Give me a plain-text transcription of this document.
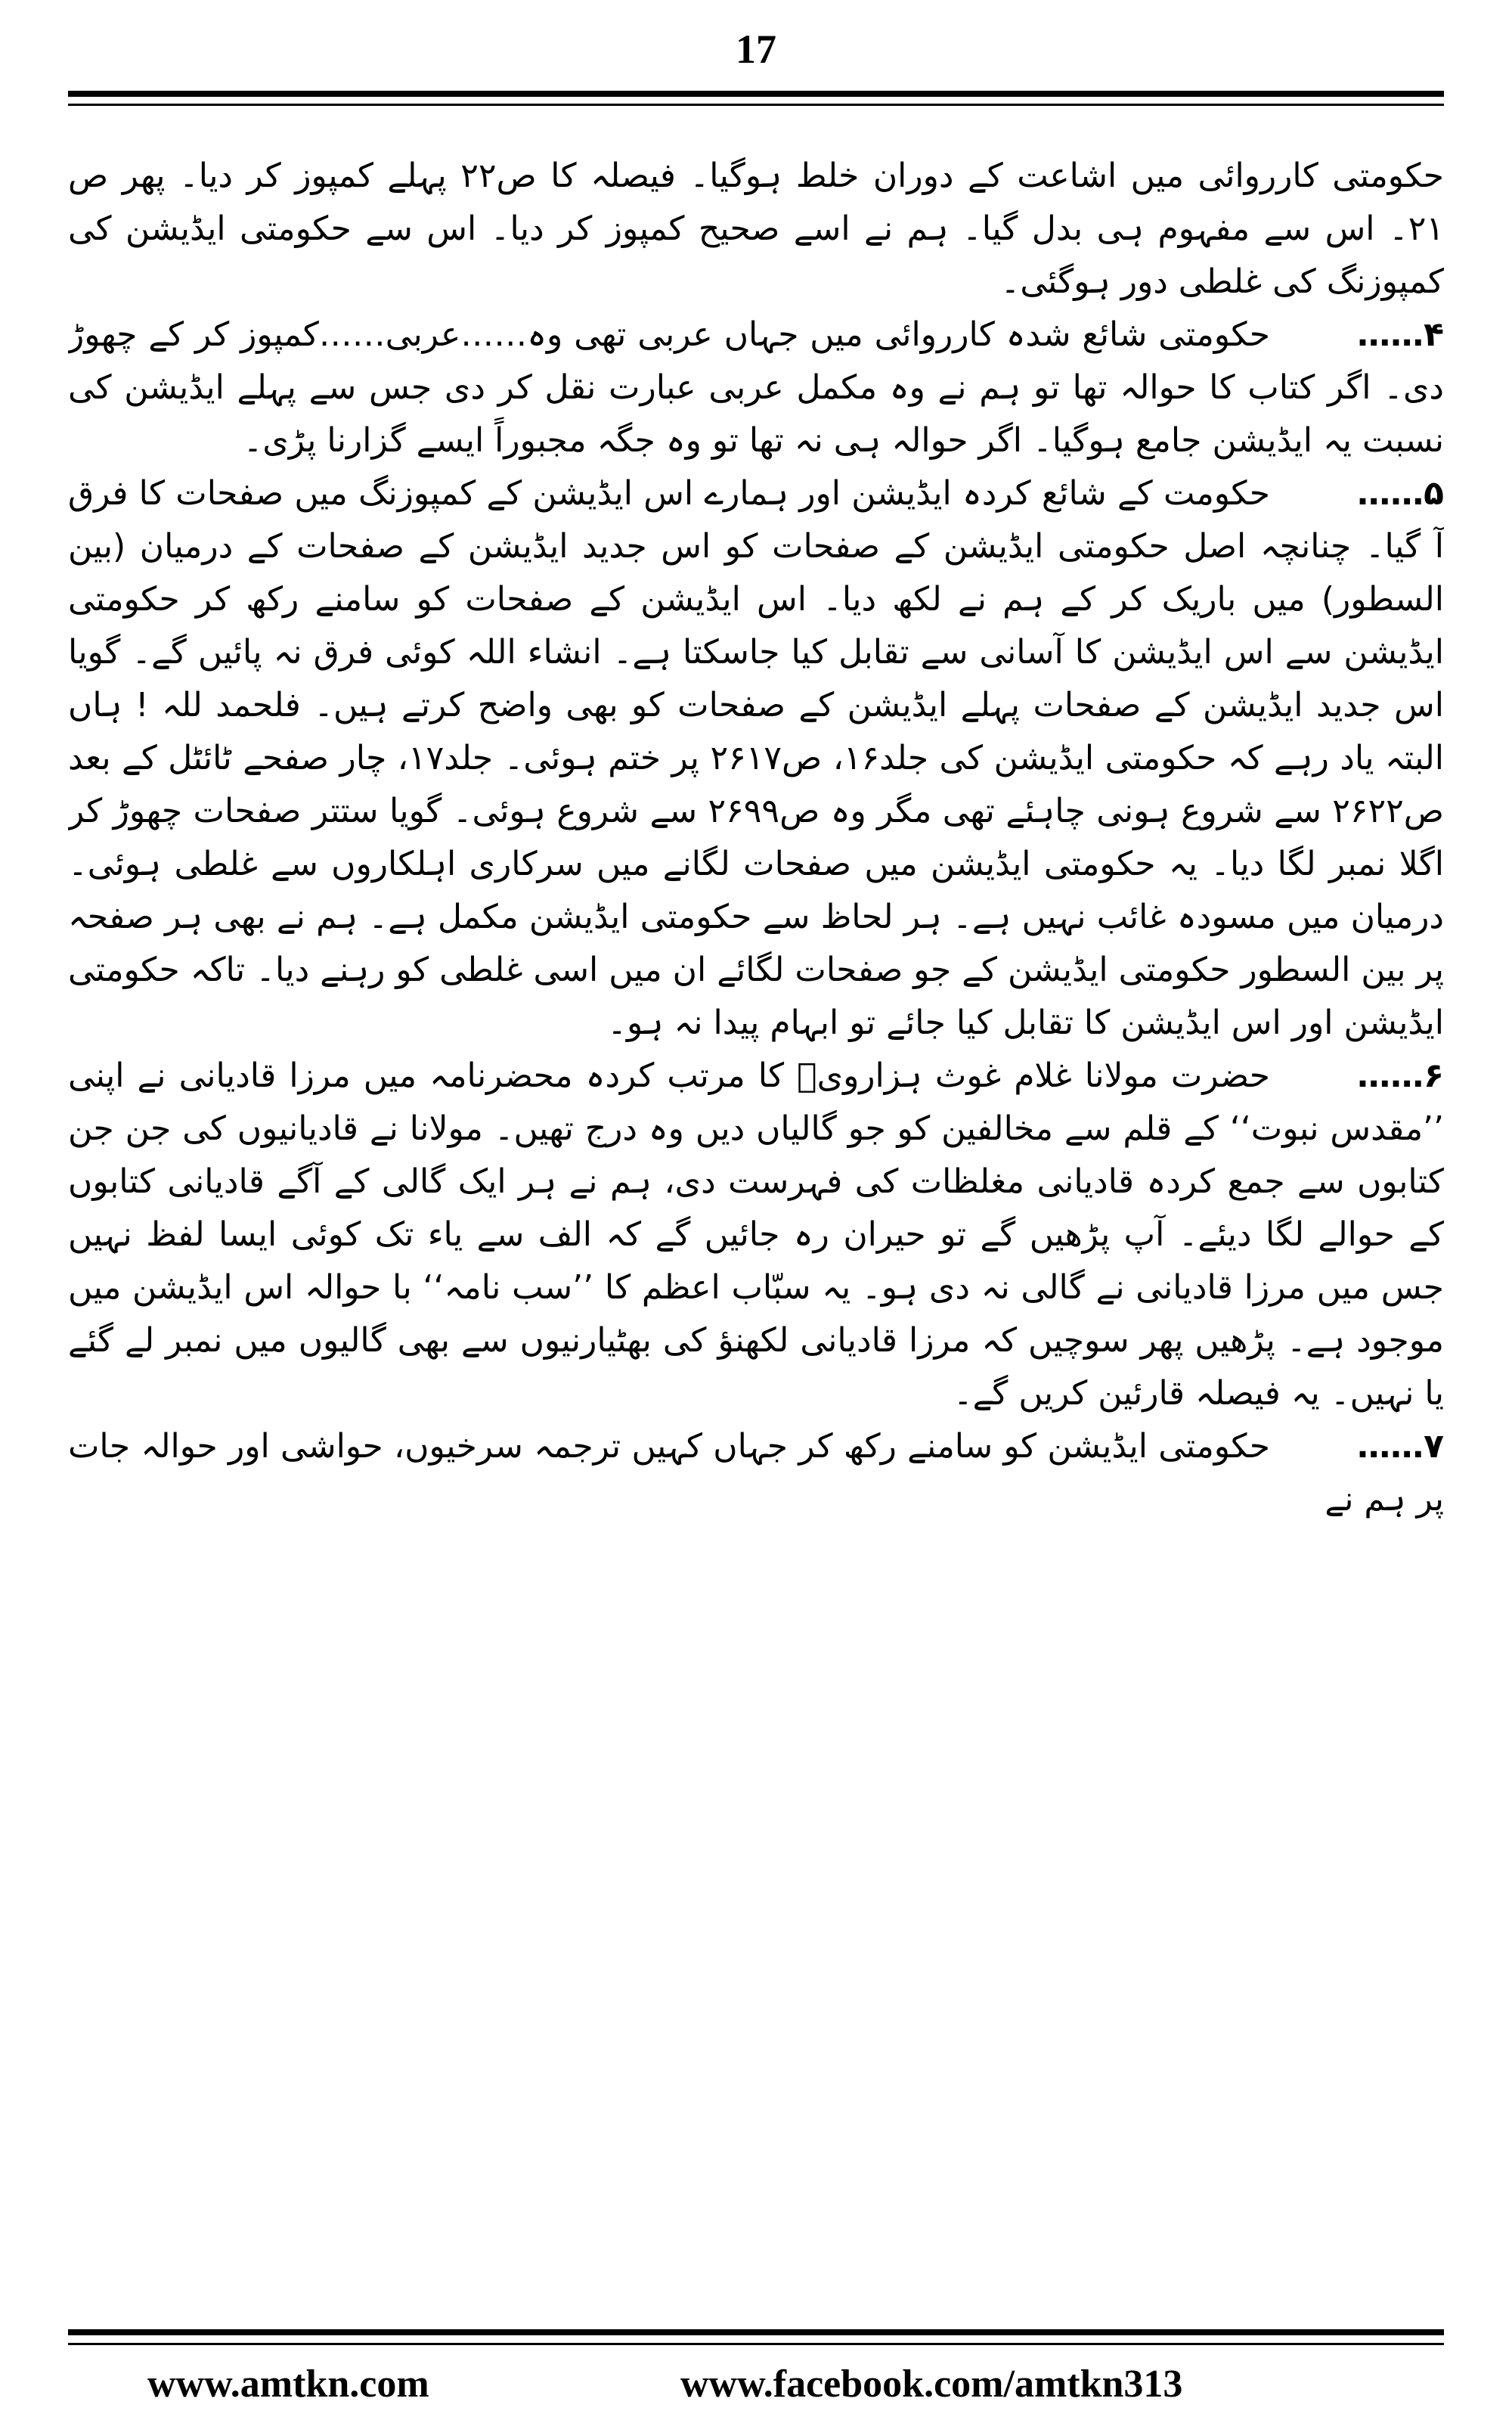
17

حکومتی کارروائی میں اشاعت کے دوران خلط ہوگیا۔ فیصلہ کا ص۲۲ پہلے کمپوز کر دیا۔ پھر ص ۲۱۔ اس سے مفہوم ہی بدل گیا۔ ہم نے اسے صحیح کمپوز کر دیا۔ اس سے حکومتی ایڈیشن کی کمپوزنگ کی غلطی دور ہوگئی۔

۴……حکومتی شائع شدہ کارروائی میں جہاں عربی تھی وہ……عربی……کمپوز کر کے چھوڑ دی۔ اگر کتاب کا حوالہ تھا تو ہم نے وہ مکمل عربی عبارت نقل کر دی جس سے پہلے ایڈیشن کی نسبت یہ ایڈیشن جامع ہوگیا۔ اگر حوالہ ہی نہ تھا تو وہ جگہ مجبوراً ایسے گزارنا پڑی۔

۵……حکومت کے شائع کردہ ایڈیشن اور ہمارے اس ایڈیشن کے کمپوزنگ میں صفحات کا فرق آ گیا۔ چنانچہ اصل حکومتی ایڈیشن کے صفحات کو اس جدید ایڈیشن کے صفحات کے درمیان (بین السطور) میں باریک کر کے ہم نے لکھ دیا۔ اس ایڈیشن کے صفحات کو سامنے رکھ کر حکومتی ایڈیشن سے اس ایڈیشن کا آسانی سے تقابل کیا جاسکتا ہے۔ انشاء اللہ کوئی فرق نہ پائیں گے۔ گویا اس جدید ایڈیشن کے صفحات پہلے ایڈیشن کے صفحات کو بھی واضح کرتے ہیں۔ فلحمد للہ ! ہاں البتہ یاد رہے کہ حکومتی ایڈیشن کی جلد۱۶، ص۲۶۱۷ پر ختم ہوئی۔ جلد۱۷، چار صفحے ٹائٹل کے بعد ص۲۶۲۲ سے شروع ہونی چاہئے تھی مگر وہ ص۲۶۹۹ سے شروع ہوئی۔ گویا ستتر صفحات چھوڑ کر اگلا نمبر لگا دیا۔ یہ حکومتی ایڈیشن میں صفحات لگانے میں سرکاری اہلکاروں سے غلطی ہوئی۔ درمیان میں مسودہ غائب نہیں ہے۔ ہر لحاظ سے حکومتی ایڈیشن مکمل ہے۔ ہم نے بھی ہر صفحہ پر بین السطور حکومتی ایڈیشن کے جو صفحات لگائے ان میں اسی غلطی کو رہنے دیا۔ تاکہ حکومتی ایڈیشن اور اس ایڈیشن کا تقابل کیا جائے تو ابہام پیدا نہ ہو۔

۶……حضرت مولانا غلام غوث ہزارویؒ کا مرتب کردہ محضرنامہ میں مرزا قادیانی نے اپنی ’’مقدس نبوت‘‘ کے قلم سے مخالفین کو جو گالیاں دیں وہ درج تھیں۔ مولانا نے قادیانیوں کی جن جن کتابوں سے جمع کردہ قادیانی مغلظات کی فہرست دی، ہم نے ہر ایک گالی کے آگے قادیانی کتابوں کے حوالے لگا دیئے۔ آپ پڑھیں گے تو حیران رہ جائیں گے کہ الف سے یاء تک کوئی ایسا لفظ نہیں جس میں مرزا قادیانی نے گالی نہ دی ہو۔ یہ سبّاب اعظم کا ’’سب نامہ‘‘ با حوالہ اس ایڈیشن میں موجود ہے۔ پڑھیں پھر سوچیں کہ مرزا قادیانی لکھنؤ کی بھٹیارنیوں سے بھی گالیوں میں نمبر لے گئے یا نہیں۔ یہ فیصلہ قارئین کریں گے۔

۷……حکومتی ایڈیشن کو سامنے رکھ کر جہاں کہیں ترجمہ سرخیوں، حواشی اور حوالہ جات پر ہم نے

www.amtkn.com	www.facebook.com/amtkn313
